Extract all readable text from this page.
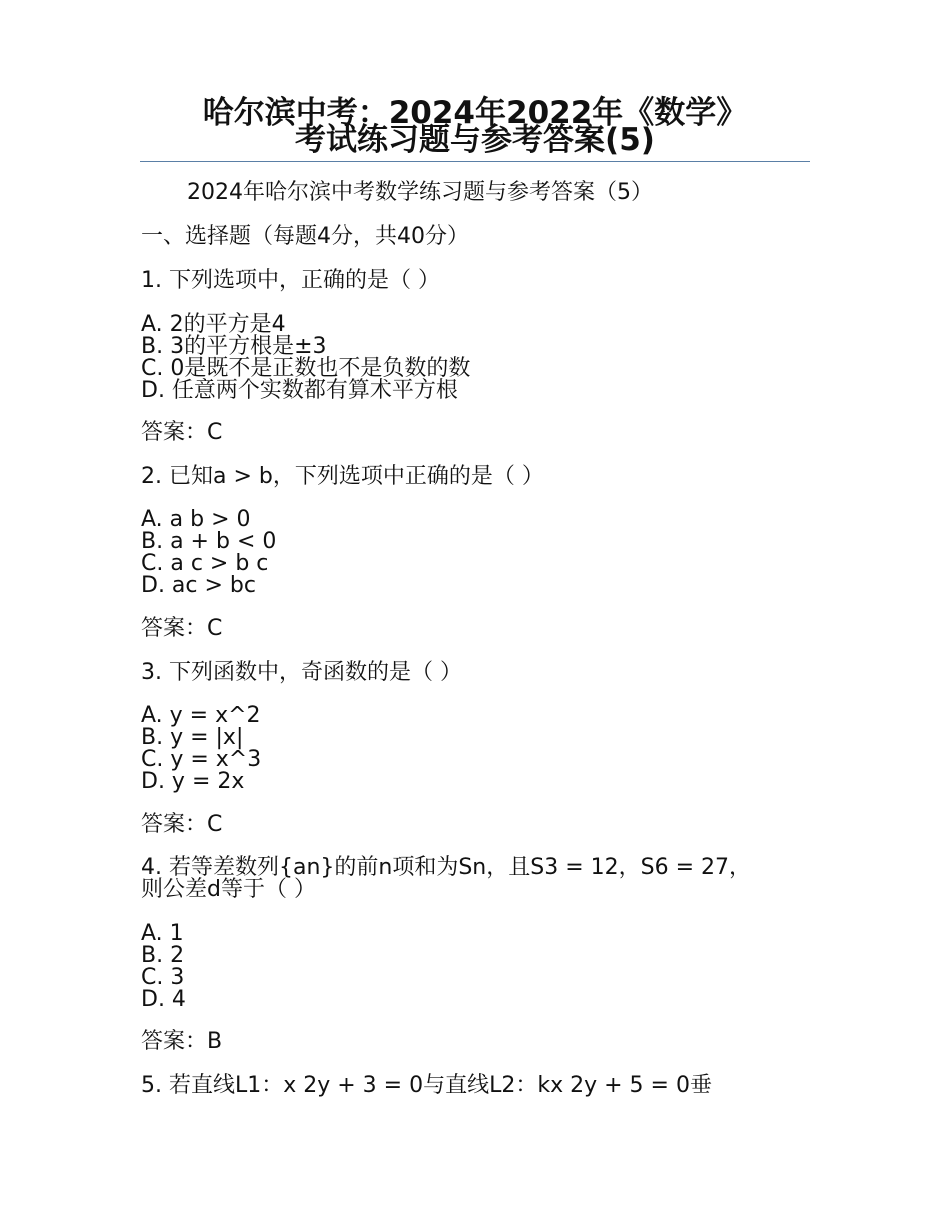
哈尔滨中考：2024年2022年《数学》
考试练习题与参考答案(5)
2024年哈尔滨中考数学练习题与参考答案（5）
一、选择题（每题4分，共40分）
1. 下列选项中，正确的是（ ）
A. 2的平方是4
B. 3的平方根是±3
C. 0是既不是正数也不是负数的数
D. 任意两个实数都有算术平方根
答案：C
2. 已知a > b，下列选项中正确的是（ ）
A. a b > 0
B. a + b < 0
C. a c > b c
D. ac > bc
答案：C
3. 下列函数中，奇函数的是（ ）
A. y = x^2
B. y = |x|
C. y = x^3
D. y = 2x
答案：C
4. 若等差数列{an}的前n项和为Sn，且S3 = 12，S6 = 27，
则公差d等于（ ）
A. 1
B. 2
C. 3
D. 4
答案：B
5. 若直线L1：x 2y + 3 = 0与直线L2：kx 2y + 5 = 0垂
